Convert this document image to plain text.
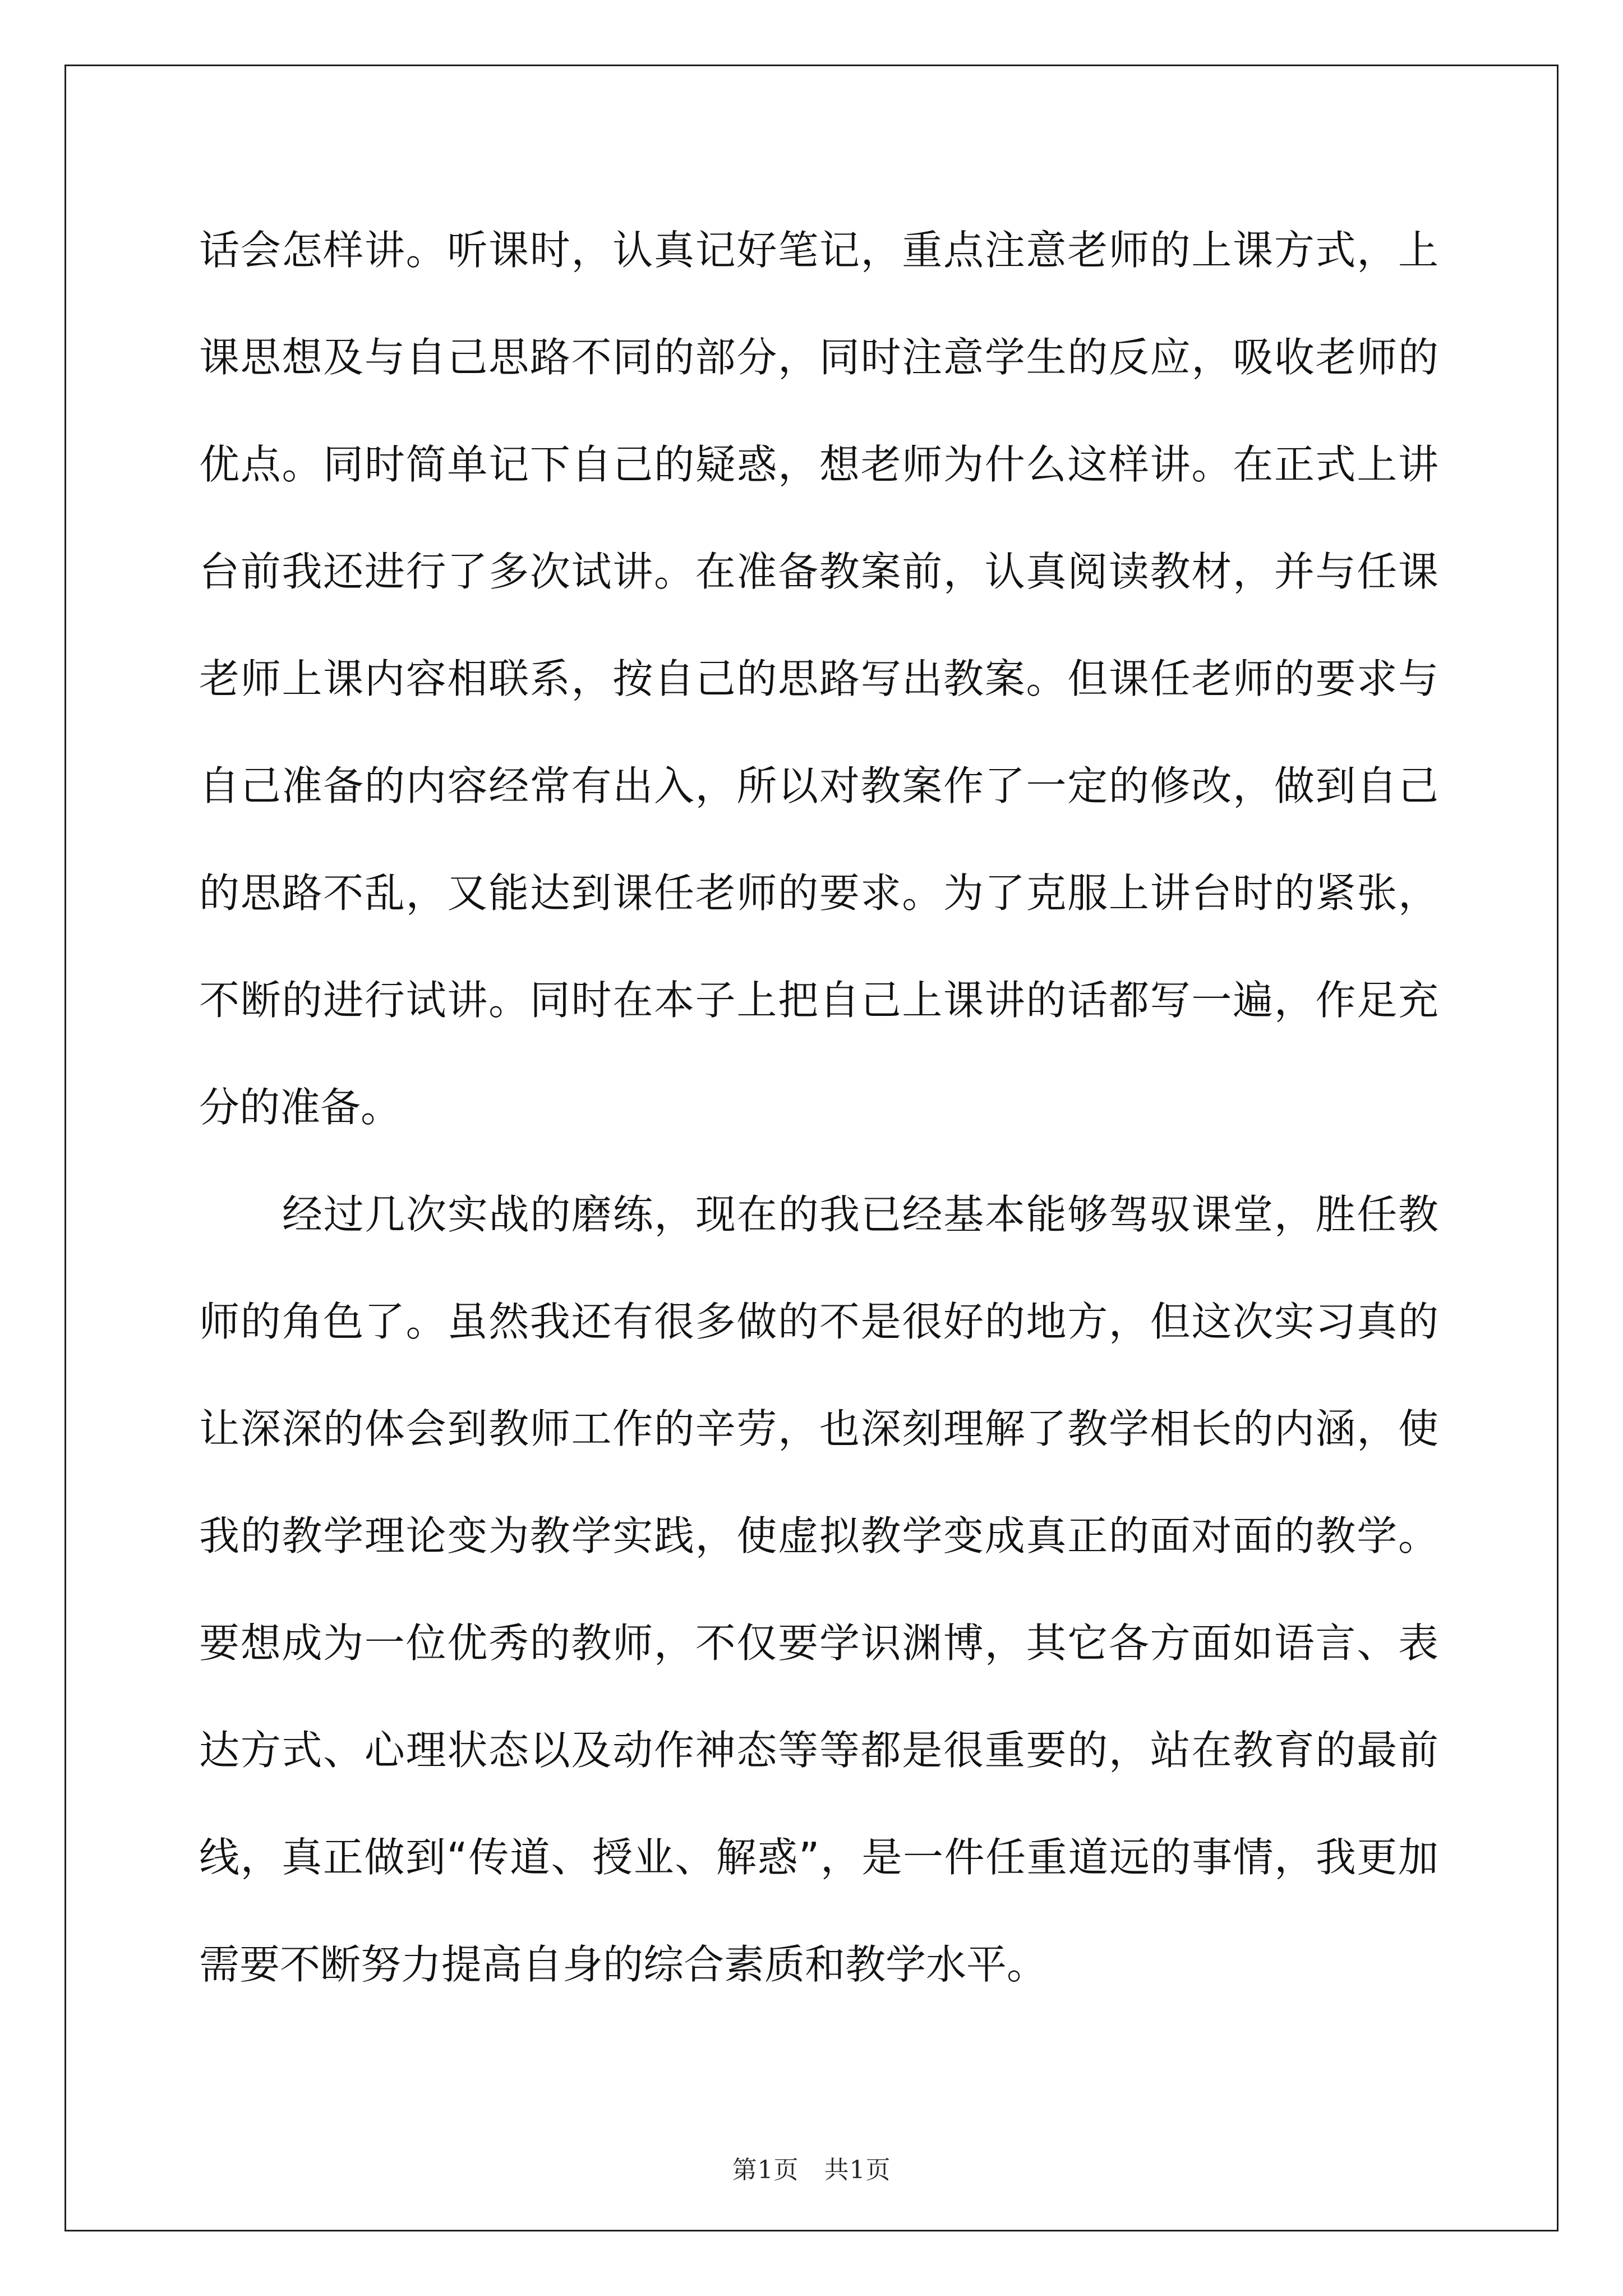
话会怎样讲。听课时，认真记好笔记，重点注意老师的上课方式，上
课思想及与自己思路不同的部分，同时注意学生的反应，吸收老师的
优点。同时简单记下自己的疑惑，想老师为什么这样讲。在正式上讲
台前我还进行了多次试讲。在准备教案前，认真阅读教材，并与任课
老师上课内容相联系，按自己的思路写出教案。但课任老师的要求与
自己准备的内容经常有出入，所以对教案作了一定的修改，做到自己
的思路不乱，又能达到课任老师的要求。为了克服上讲台时的紧张，
不断的进行试讲。同时在本子上把自己上课讲的话都写一遍，作足充
分的准备。
经过几次实战的磨练，现在的我已经基本能够驾驭课堂，胜任教
师的角色了。虽然我还有很多做的不是很好的地方，但这次实习真的
让深深的体会到教师工作的辛劳，也深刻理解了教学相长的内涵，使
我的教学理论变为教学实践，使虚拟教学变成真正的面对面的教学。
要想成为一位优秀的教师，不仅要学识渊博，其它各方面如语言、表
达方式、心理状态以及动作神态等等都是很重要的，站在教育的最前
线，真正做到“传道、授业、解惑”，是一件任重道远的事情，我更加
需要不断努力提高自身的综合素质和教学水平。
第1页　共1页
